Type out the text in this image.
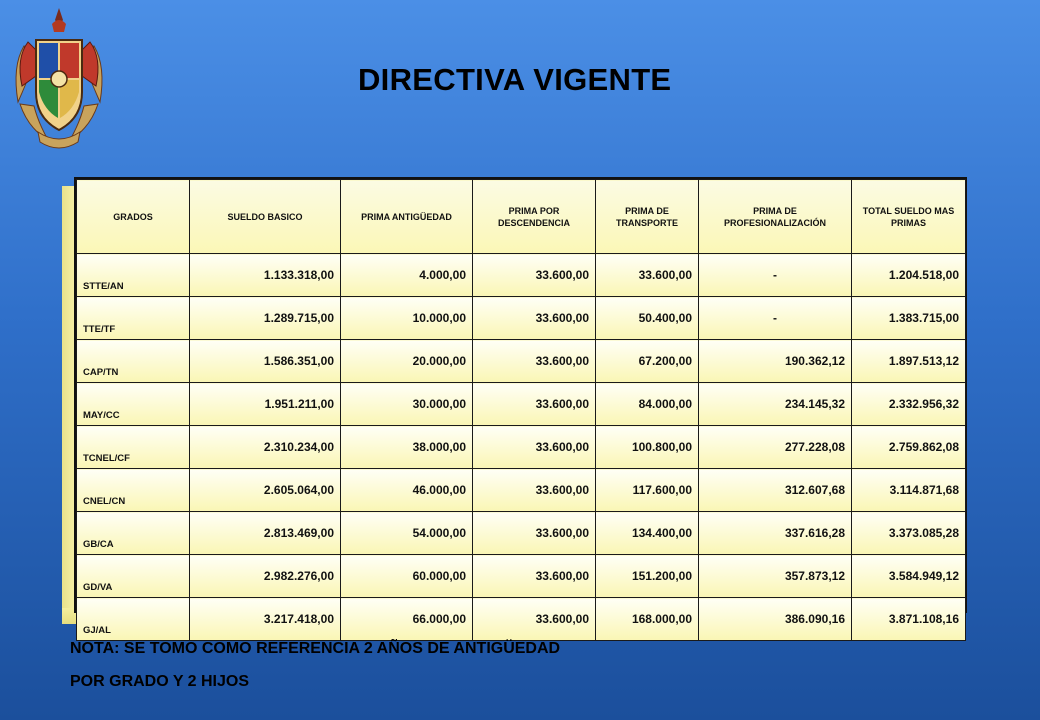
DIRECTIVA VIGENTE
GRADOS	SUELDO BASICO	PRIMA ANTIGÜEDAD	PRIMA POR DESCENDENCIA	PRIMA DE TRANSPORTE	PRIMA DE PROFESIONALIZACIÓN	TOTAL SUELDO MAS PRIMAS
STTE/AN	1.133.318,00	4.000,00	33.600,00	33.600,00	-	1.204.518,00
TTE/TF	1.289.715,00	10.000,00	33.600,00	50.400,00	-	1.383.715,00
CAP/TN	1.586.351,00	20.000,00	33.600,00	67.200,00	190.362,12	1.897.513,12
MAY/CC	1.951.211,00	30.000,00	33.600,00	84.000,00	234.145,32	2.332.956,32
TCNEL/CF	2.310.234,00	38.000,00	33.600,00	100.800,00	277.228,08	2.759.862,08
CNEL/CN	2.605.064,00	46.000,00	33.600,00	117.600,00	312.607,68	3.114.871,68
GB/CA	2.813.469,00	54.000,00	33.600,00	134.400,00	337.616,28	3.373.085,28
GD/VA	2.982.276,00	60.000,00	33.600,00	151.200,00	357.873,12	3.584.949,12
GJ/AL	3.217.418,00	66.000,00	33.600,00	168.000,00	386.090,16	3.871.108,16
NOTA: SE TOMO COMO REFERENCIA 2 AÑOS DE ANTIGÜEDAD
POR GRADO Y 2 HIJOS
